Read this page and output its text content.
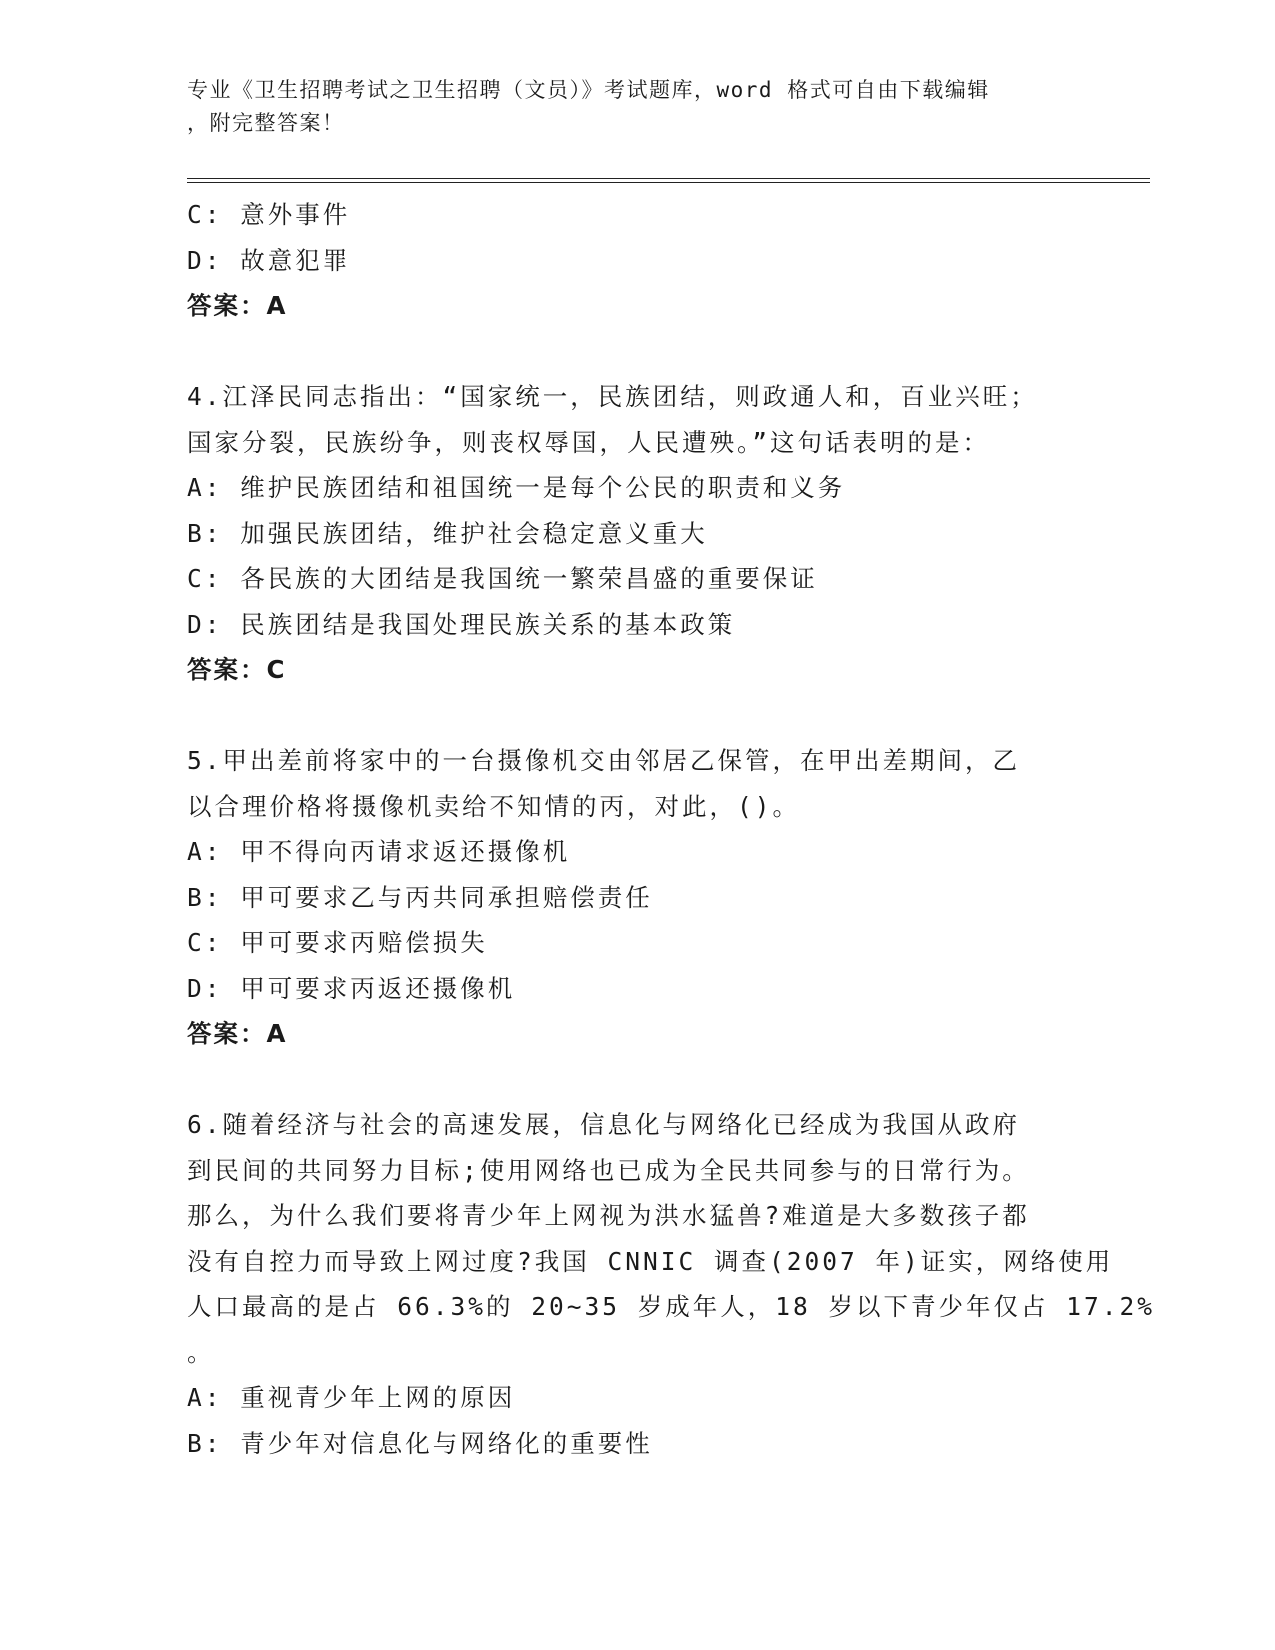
专业《卫生招聘考试之卫生招聘（文员）》考试题库，word 格式可自由下载编辑
，附完整答案！
C: 意外事件
D: 故意犯罪
答案：A
4.江泽民同志指出：“国家统一，民族团结，则政通人和，百业兴旺；
国家分裂，民族纷争，则丧权辱国，人民遭殃。”这句话表明的是：
A: 维护民族团结和祖国统一是每个公民的职责和义务
B: 加强民族团结，维护社会稳定意义重大
C: 各民族的大团结是我国统一繁荣昌盛的重要保证
D: 民族团结是我国处理民族关系的基本政策
答案：C
5.甲出差前将家中的一台摄像机交由邻居乙保管，在甲出差期间，乙
以合理价格将摄像机卖给不知情的丙，对此，()。
A: 甲不得向丙请求返还摄像机
B: 甲可要求乙与丙共同承担赔偿责任
C: 甲可要求丙赔偿损失
D: 甲可要求丙返还摄像机
答案：A
6.随着经济与社会的高速发展，信息化与网络化已经成为我国从政府
到民间的共同努力目标;使用网络也已成为全民共同参与的日常行为。
那么，为什么我们要将青少年上网视为洪水猛兽?难道是大多数孩子都
没有自控力而导致上网过度?我国 CNNIC 调查(2007 年)证实，网络使用
人口最高的是占 66.3%的 20~35 岁成年人，18 岁以下青少年仅占 17.2%
。
A: 重视青少年上网的原因
B: 青少年对信息化与网络化的重要性
